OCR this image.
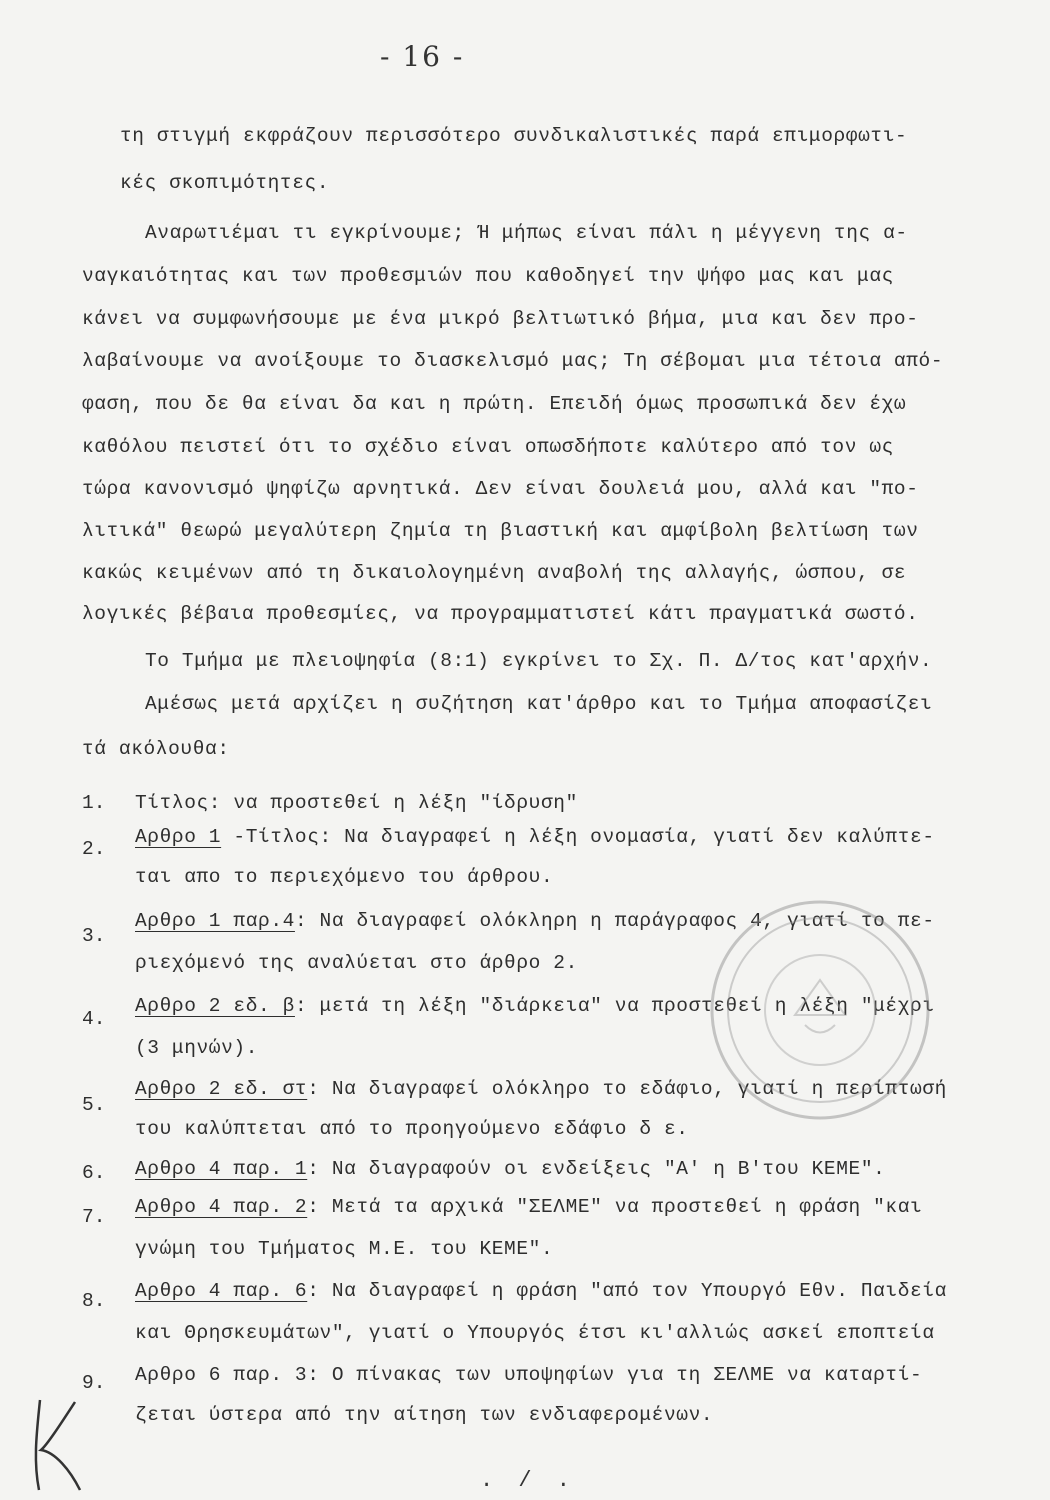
- 16 -
τη στιγμή εκφράζουν περισσότερο συνδικαλιστικές παρά επιμορφωτι-
κές σκοπιμότητες.
Αναρωτιέμαι τι εγκρίνουμε; Ή μήπως είναι πάλι η μέγγενη της α-
ναγκαιότητας και των προθεσμιών που καθοδηγεί την ψήφο μας και μας
κάνει να συμφωνήσουμε με ένα μικρό βελτιωτικό βήμα, μια και δεν προ-
λαβαίνουμε να ανοίξουμε το διασκελισμό μας; Τη σέβομαι μια τέτοια από-
φαση, που δε θα είναι δα και η πρώτη. Επειδή όμως προσωπικά δεν έχω
καθόλου πειστεί ότι το σχέδιο είναι οπωσδήποτε καλύτερο από τον ως
τώρα κανονισμό ψηφίζω αρνητικά. Δεν είναι δουλειά μου, αλλά και "πο-
λιτικά" θεωρώ μεγαλύτερη ζημία τη βιαστική και αμφίβολη βελτίωση των
κακώς κειμένων από τη δικαιολογημένη αναβολή της αλλαγής, ώσπου, σε
λογικές βέβαια προθεσμίες, να προγραμματιστεί κάτι πραγματικά σωστό.
Το Τμήμα με πλειοψηφία (8:1) εγκρίνει το Σχ. Π. Δ/τος κατ'αρχήν.
Αμέσως μετά αρχίζει η συζήτηση κατ'άρθρο και το Τμήμα αποφασίζει
τά ακόλουθα:
1. Τίτλος: να προστεθεί η λέξη "ίδρυση"
2.
Αρθρο 1 -Τίτλος: Να διαγραφεί η λέξη ονομασία, γιατί δεν καλύπτε-
ται απο το περιεχόμενο του άρθρου.
3.
Αρθρο 1 παρ.4: Να διαγραφεί ολόκληρη η παράγραφος 4, γιατί το πε-
ριεχόμενό της αναλύεται στο άρθρο 2.
4.
Αρθρο 2 εδ. β: μετά τη λέξη "διάρκεια" να προστεθεί η λέξη "μέχρι
(3 μηνών).
5.
Αρθρο 2 εδ. στ: Να διαγραφεί ολόκληρο το εδάφιο, γιατί η περίπτωσή
του καλύπτεται από το προηγούμενο εδάφιο δ ε.
6. Αρθρο 4 παρ. 1: Να διαγραφούν οι ενδείξεις "Α' η Β'του ΚΕΜΕ".
7. Αρθρο 4 παρ. 2: Μετά τα αρχικά "ΣΕΛΜΕ" να προστεθεί η φράση "και
γνώμη του Τμήματος Μ.Ε. του ΚΕΜΕ".
8. Αρθρο 4 παρ. 6: Να διαγραφεί η φράση "από τον Υπουργό Εθν. Παιδεία
και Θρησκευμάτων", γιατί ο Υπουργός έτσι κι'αλλιώς ασκεί εποπτεία
9. Αρθρο 6 παρ. 3: Ο πίνακας των υποψηφίων για τη ΣΕΛΜΕ να καταρτί-
ζεται ύστερα από την αίτηση των ενδιαφερομένων.
. / .
